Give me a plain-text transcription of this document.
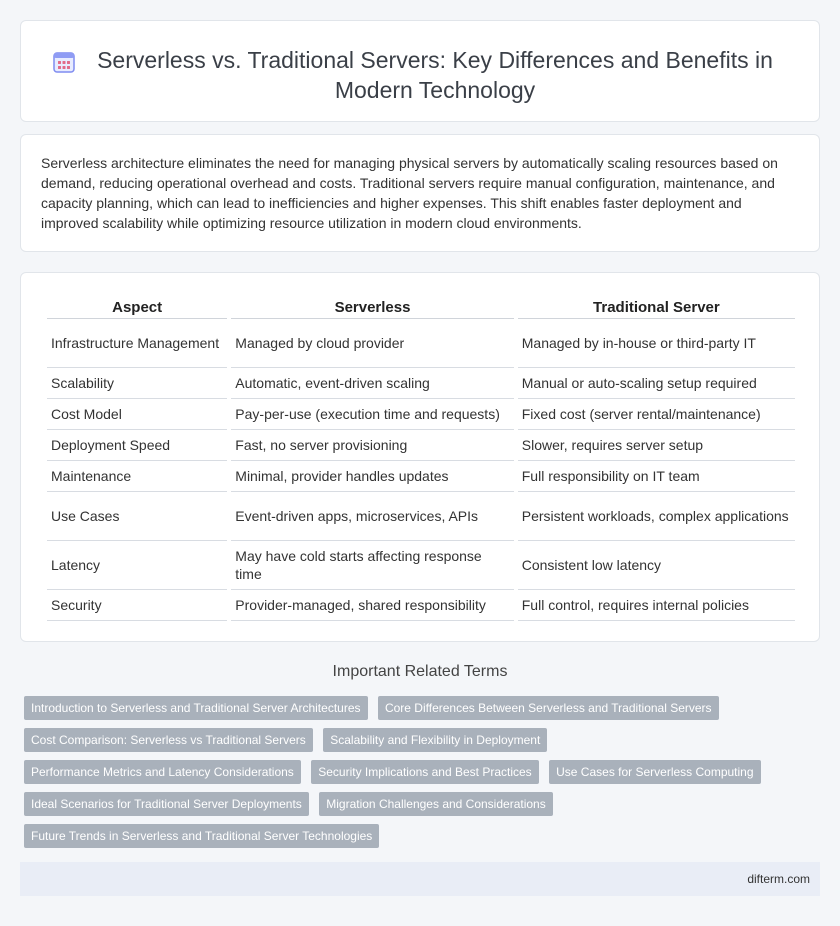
Serverless vs. Traditional Servers: Key Differences and Benefits in Modern Technology

Serverless architecture eliminates the need for managing physical servers by automatically scaling resources based on demand, reducing operational overhead and costs. Traditional servers require manual configuration, maintenance, and capacity planning, which can lead to inefficiencies and higher expenses. This shift enables faster deployment and improved scalability while optimizing resource utilization in modern cloud environments.

Aspect	Serverless	Traditional Server
Infrastructure Management	Managed by cloud provider	Managed by in-house or third-party IT
Scalability	Automatic, event-driven scaling	Manual or auto-scaling setup required
Cost Model	Pay-per-use (execution time and requests)	Fixed cost (server rental/maintenance)
Deployment Speed	Fast, no server provisioning	Slower, requires server setup
Maintenance	Minimal, provider handles updates	Full responsibility on IT team
Use Cases	Event-driven apps, microservices, APIs	Persistent workloads, complex applications
Latency	May have cold starts affecting response time	Consistent low latency
Security	Provider-managed, shared responsibility	Full control, requires internal policies
Important Related Terms
Introduction to Serverless and Traditional Server Architectures Core Differences Between Serverless and Traditional Servers
Cost Comparison: Serverless vs Traditional Servers Scalability and Flexibility in Deployment
Performance Metrics and Latency Considerations Security Implications and Best Practices Use Cases for Serverless Computing
Ideal Scenarios for Traditional Server Deployments Migration Challenges and Considerations
Future Trends in Serverless and Traditional Server Technologies
difterm.com
